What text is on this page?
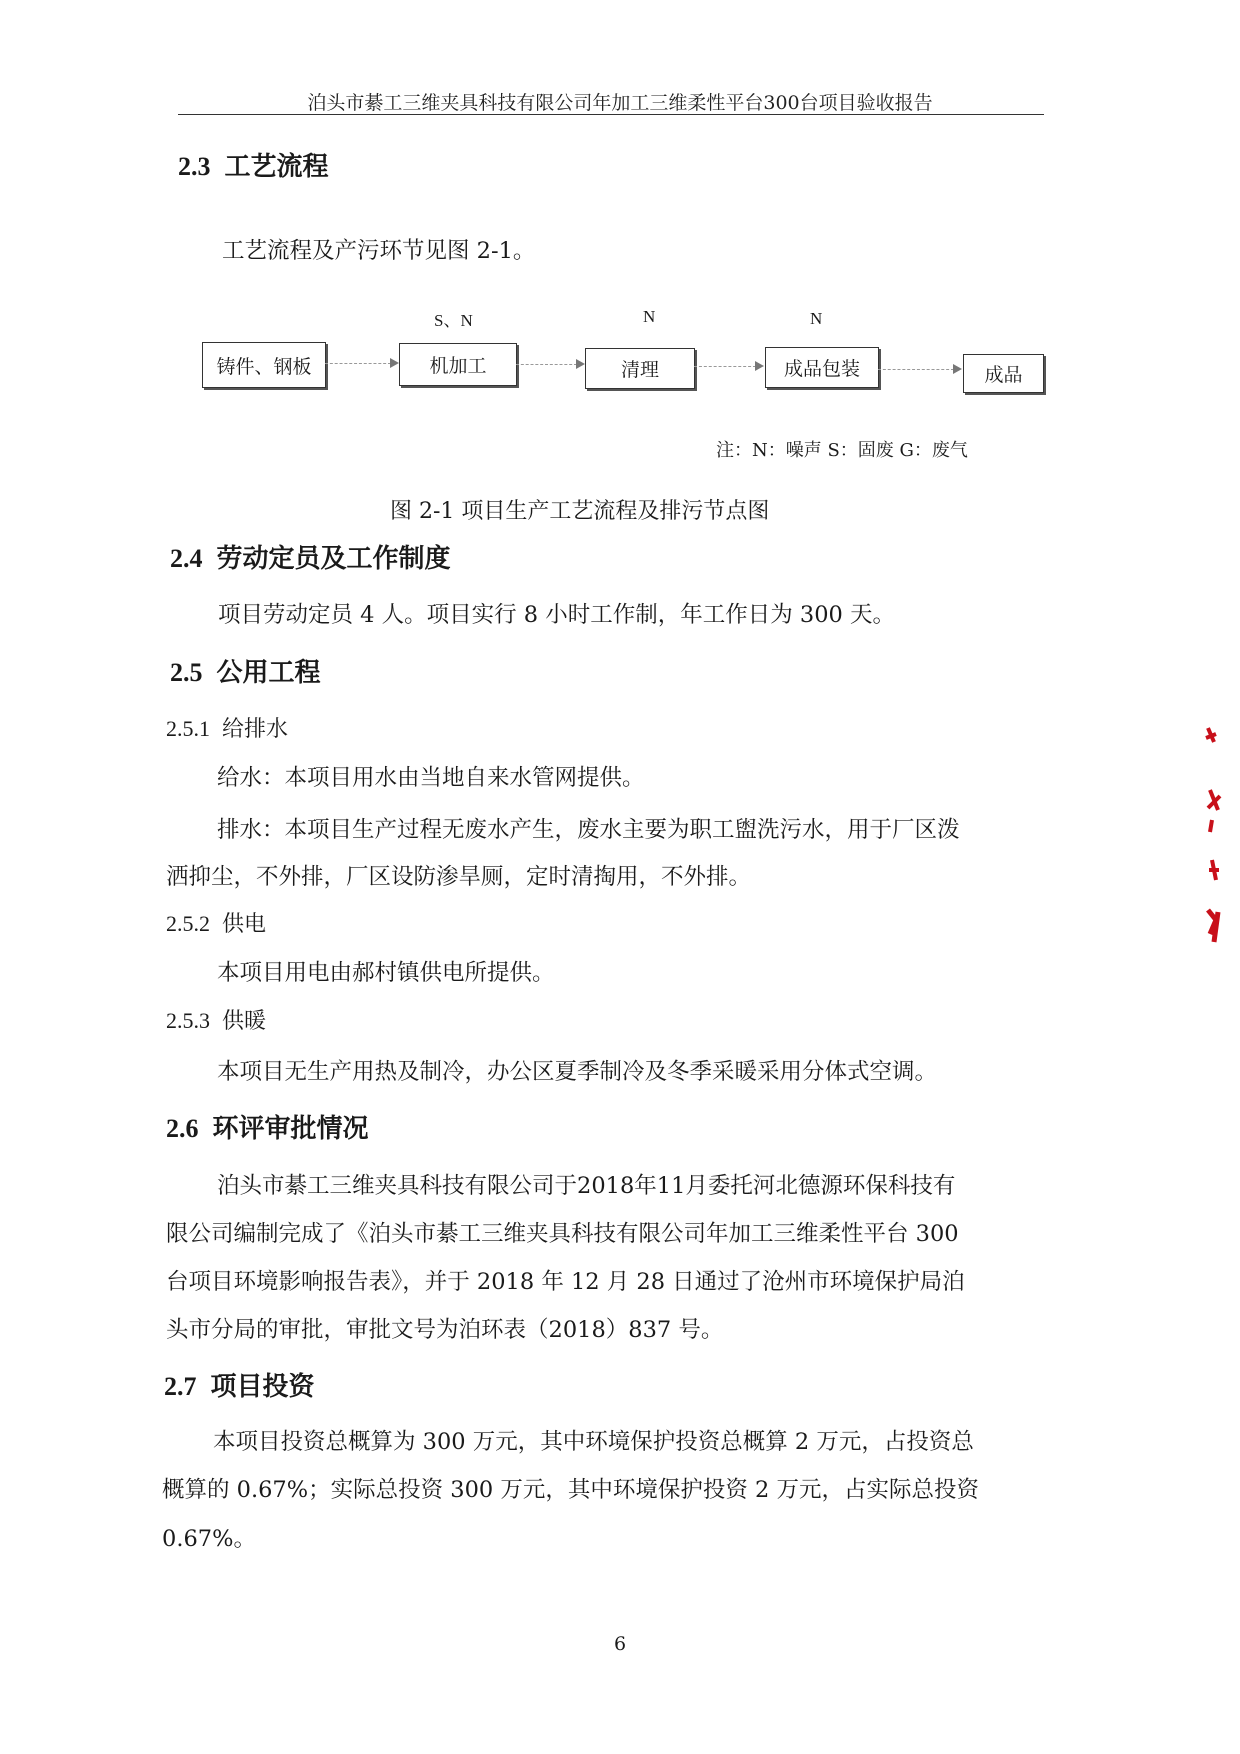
泊头市綦工三维夹具科技有限公司年加工三维柔性平台300台项目验收报告
2.3 工艺流程
工艺流程及产污环节见图 2-1。
S、N	N	N
铸件、钢板	机加工	清理	成品包装	成品
注：N：噪声 S：固废 G：废气
图 2-1 项目生产工艺流程及排污节点图
2.4 劳动定员及工作制度
项目劳动定员 4 人。项目实行 8 小时工作制，年工作日为 300 天。
2.5 公用工程
2.5.1 给排水
给水：本项目用水由当地自来水管网提供。
排水：本项目生产过程无废水产生，废水主要为职工盥洗污水，用于厂区泼
洒抑尘，不外排，厂区设防渗旱厕，定时清掏用，不外排。
2.5.2 供电
本项目用电由郝村镇供电所提供。
2.5.3 供暖
本项目无生产用热及制冷，办公区夏季制冷及冬季采暖采用分体式空调。
2.6 环评审批情况
泊头市綦工三维夹具科技有限公司于2018年11月委托河北德源环保科技有
限公司编制完成了《泊头市綦工三维夹具科技有限公司年加工三维柔性平台 300
台项目环境影响报告表》，并于 2018 年 12 月 28 日通过了沧州市环境保护局泊
头市分局的审批，审批文号为泊环表（2018）837 号。
2.7 项目投资
本项目投资总概算为 300 万元，其中环境保护投资总概算 2 万元，占投资总
概算的 0.67%；实际总投资 300 万元，其中环境保护投资 2 万元，占实际总投资
0.67%。
6
